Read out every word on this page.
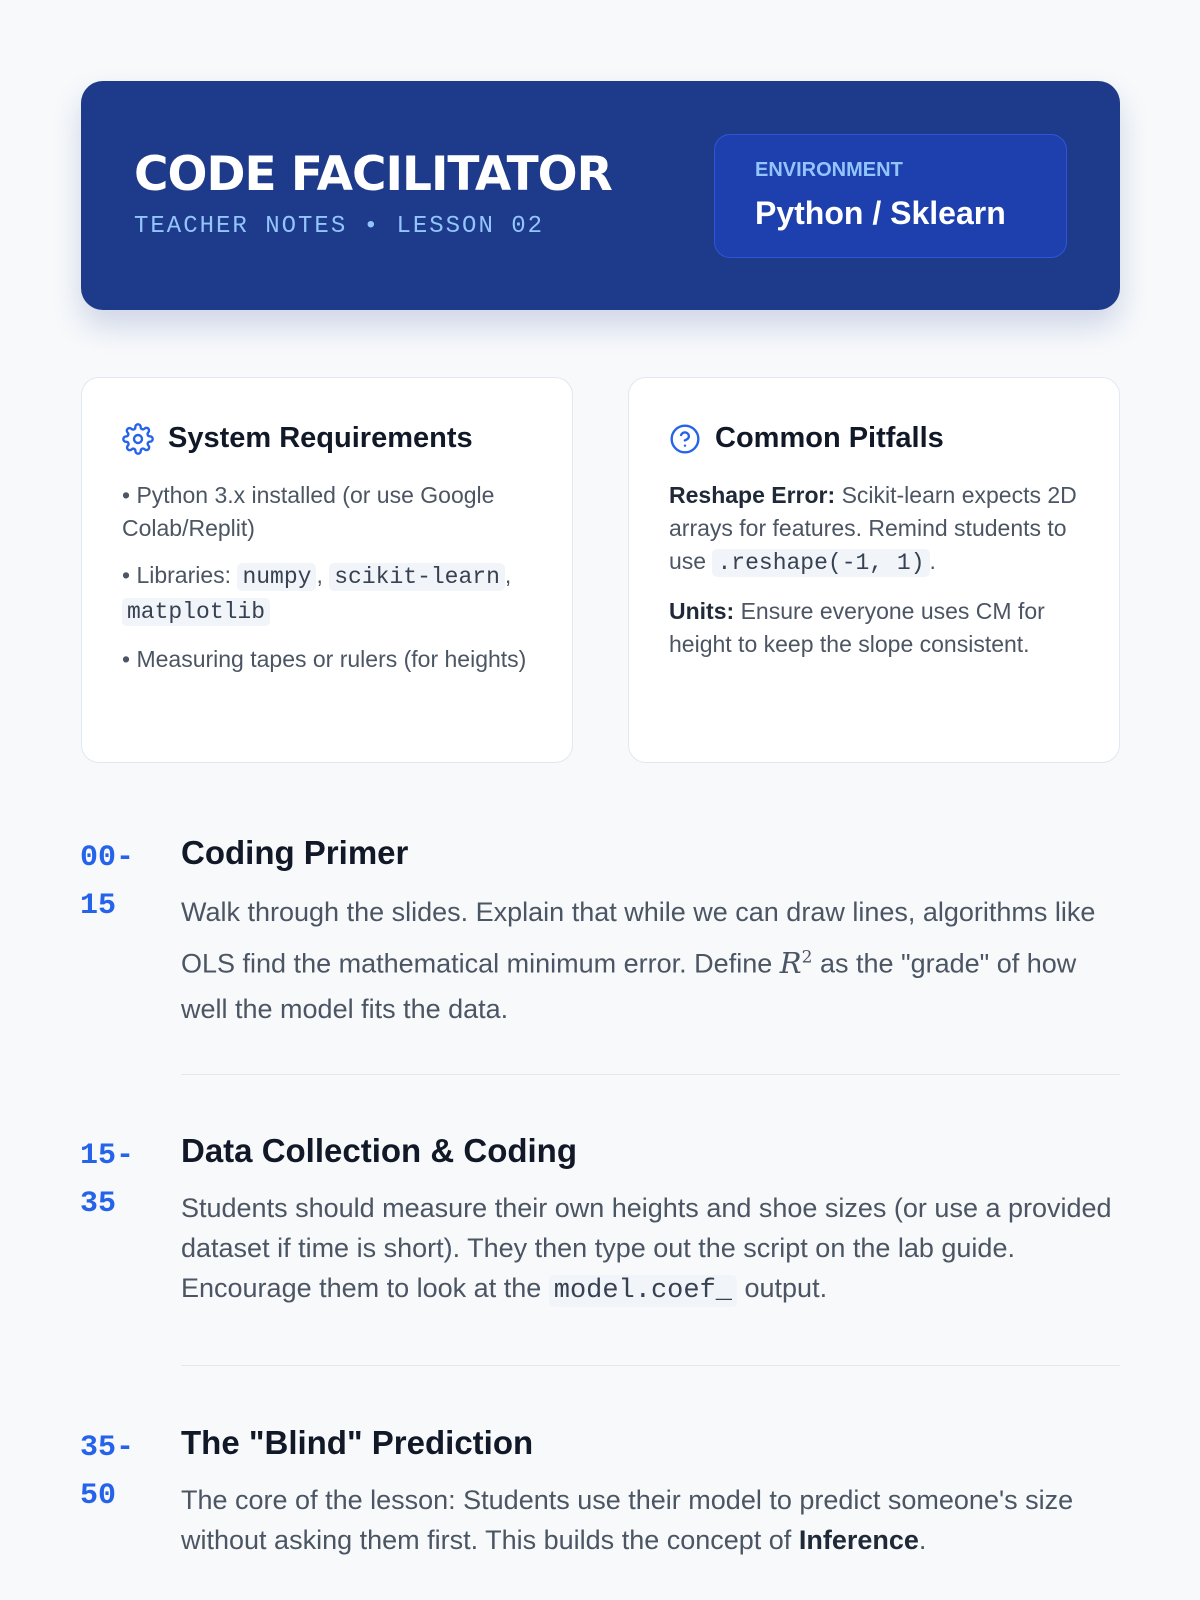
CODE FACILITATOR
TEACHER NOTES • LESSON 02
ENVIRONMENT
Python / Sklearn
System Requirements
• Python 3.x installed (or use Google Colab/Replit)
• Libraries: numpy , scikit-learn , matplotlib
• Measuring tapes or rulers (for heights)
Common Pitfalls
Reshape Error: Scikit-learn expects 2D arrays for features. Remind students to use .reshape(-1, 1) .
Units: Ensure everyone uses CM for height to keep the slope consistent.
00-
15
Coding Primer
Walk through the slides. Explain that while we can draw lines, algorithms like OLS find the mathematical minimum error. Define $R^2$ as the "grade" of how well the model fits the data.
15-
35
Data Collection & Coding
Students should measure their own heights and shoe sizes (or use a provided dataset if time is short). They then type out the script on the lab guide. Encourage them to look at the model.coef_ output.
35-
50
The "Blind" Prediction
The core of the lesson: Students use their model to predict someone's size without asking them first. This builds the concept of Inference.
